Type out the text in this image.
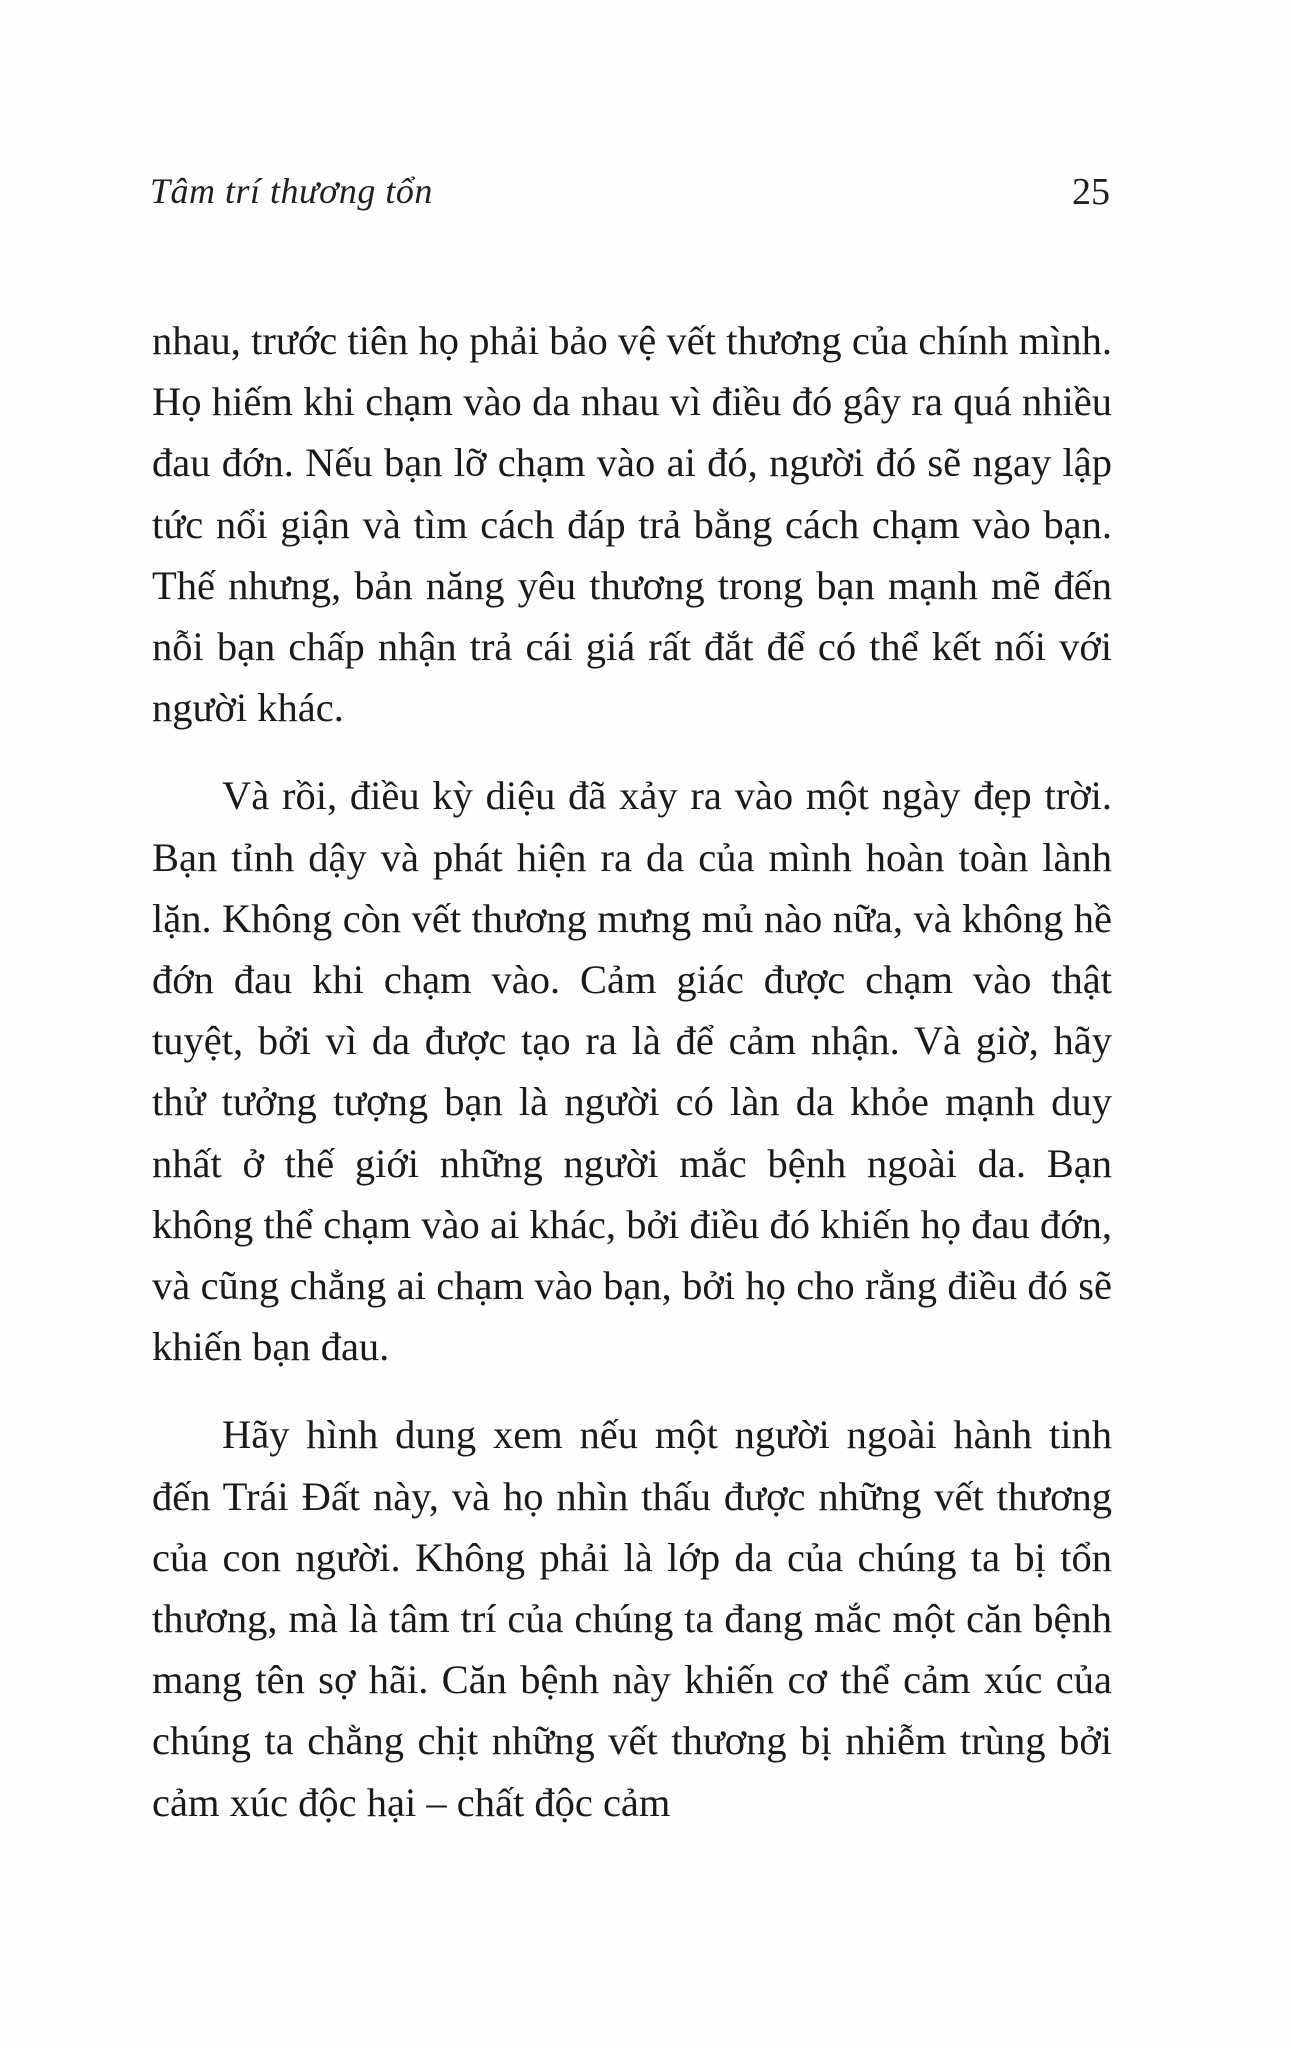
Tâm trí thương tổn	25

nhau, trước tiên họ phải bảo vệ vết thương của chính mình. Họ hiếm khi chạm vào da nhau vì điều đó gây ra quá nhiều đau đớn. Nếu bạn lỡ chạm vào ai đó, người đó sẽ ngay lập tức nổi giận và tìm cách đáp trả bằng cách chạm vào bạn. Thế nhưng, bản năng yêu thương trong bạn mạnh mẽ đến nỗi bạn chấp nhận trả cái giá rất đắt để có thể kết nối với người khác.

Và rồi, điều kỳ diệu đã xảy ra vào một ngày đẹp trời. Bạn tỉnh dậy và phát hiện ra da của mình hoàn toàn lành lặn. Không còn vết thương mưng mủ nào nữa, và không hề đớn đau khi chạm vào. Cảm giác được chạm vào thật tuyệt, bởi vì da được tạo ra là để cảm nhận. Và giờ, hãy thử tưởng tượng bạn là người có làn da khỏe mạnh duy nhất ở thế giới những người mắc bệnh ngoài da. Bạn không thể chạm vào ai khác, bởi điều đó khiến họ đau đớn, và cũng chẳng ai chạm vào bạn, bởi họ cho rằng điều đó sẽ khiến bạn đau.

Hãy hình dung xem nếu một người ngoài hành tinh đến Trái Đất này, và họ nhìn thấu được những vết thương của con người. Không phải là lớp da của chúng ta bị tổn thương, mà là tâm trí của chúng ta đang mắc một căn bệnh mang tên sợ hãi. Căn bệnh này khiến cơ thể cảm xúc của chúng ta chằng chịt những vết thương bị nhiễm trùng bởi cảm xúc độc hại – chất độc cảm
